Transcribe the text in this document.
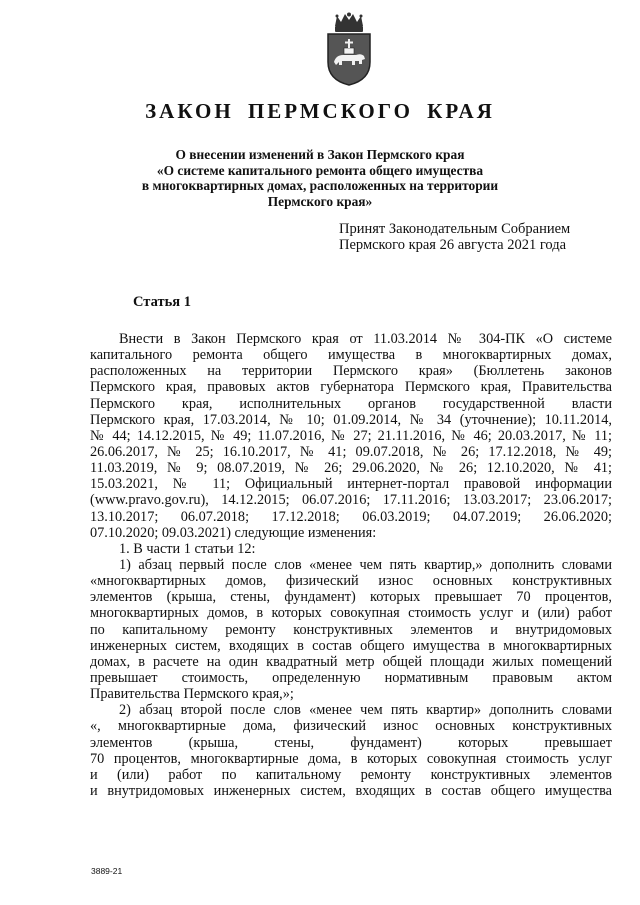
ЗАКОН ПЕРМСКОГО КРАЯ
О внесении изменений в Закон Пермского края
«О системе капитального ремонта общего имущества
в многоквартирных домах, расположенных на территории
Пермского края»
Принят Законодательным Собранием
Пермского края 26 августа 2021 года
Статья 1
Внести в Закон Пермского края от 11.03.2014 № 304-ПК «О системе
капитального ремонта общего имущества в многоквартирных домах,
расположенных на территории Пермского края» (Бюллетень законов
Пермского края, правовых актов губернатора Пермского края, Правительства
Пермского края, исполнительных органов государственной власти
Пермского края, 17.03.2014, № 10; 01.09.2014, № 34 (уточнение); 10.11.2014,
№ 44; 14.12.2015, № 49; 11.07.2016, № 27; 21.11.2016, № 46; 20.03.2017, № 11;
26.06.2017, № 25; 16.10.2017, № 41; 09.07.2018, № 26; 17.12.2018, № 49;
11.03.2019, № 9; 08.07.2019, № 26; 29.06.2020, № 26; 12.10.2020, № 41;
15.03.2021, № 11; Официальный интернет-портал правовой информации
(www.pravo.gov.ru), 14.12.2015; 06.07.2016; 17.11.2016; 13.03.2017; 23.06.2017;
13.10.2017; 06.07.2018; 17.12.2018; 06.03.2019; 04.07.2019; 26.06.2020;
07.10.2020; 09.03.2021) следующие изменения:
1. В части 1 статьи 12:
1) абзац первый после слов «менее чем пять квартир,» дополнить словами
«многоквартирных домов, физический износ основных конструктивных
элементов (крыша, стены, фундамент) которых превышает 70 процентов,
многоквартирных домов, в которых совокупная стоимость услуг и (или) работ
по капитальному ремонту конструктивных элементов и внутридомовых
инженерных систем, входящих в состав общего имущества в многоквартирных
домах, в расчете на один квадратный метр общей площади жилых помещений
превышает стоимость, определенную нормативным правовым актом
Правительства Пермского края,»;
2) абзац второй после слов «менее чем пять квартир» дополнить словами
«, многоквартирные дома, физический износ основных конструктивных
элементов (крыша, стены, фундамент) которых превышает
70 процентов, многоквартирные дома, в которых совокупная стоимость услуг
и (или) работ по капитальному ремонту конструктивных элементов
и внутридомовых инженерных систем, входящих в состав общего имущества
3889-21
